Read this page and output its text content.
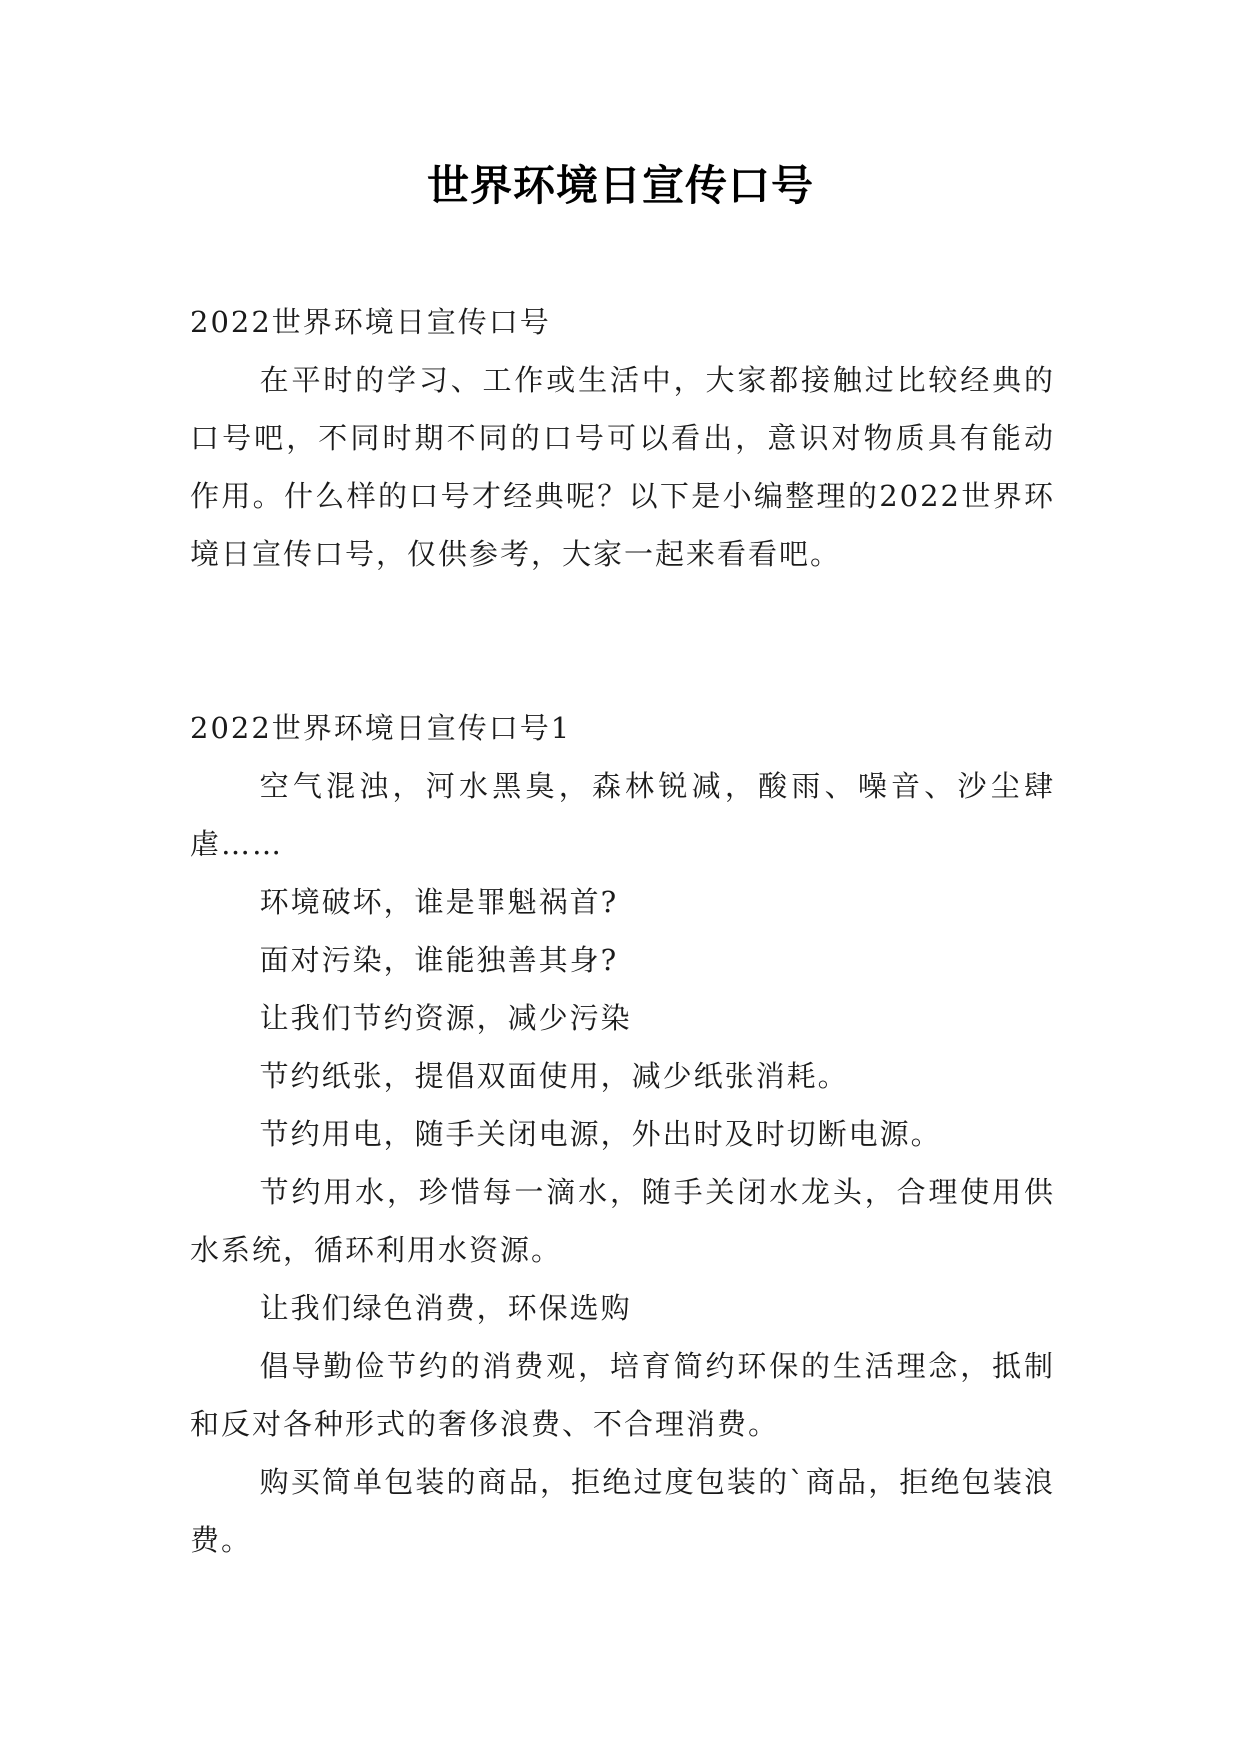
世界环境日宣传口号

2022世界环境日宣传口号

在平时的学习、工作或生活中，大家都接触过比较经典的口号吧，不同时期不同的口号可以看出，意识对物质具有能动作用。什么样的口号才经典呢？以下是小编整理的2022世界环境日宣传口号，仅供参考，大家一起来看看吧。

2022世界环境日宣传口号1

空气混浊，河水黑臭，森林锐减，酸雨、噪音、沙尘肆虐……

环境破坏，谁是罪魁祸首?

面对污染，谁能独善其身?

让我们节约资源，减少污染

节约纸张，提倡双面使用，减少纸张消耗。

节约用电，随手关闭电源，外出时及时切断电源。

节约用水，珍惜每一滴水，随手关闭水龙头，合理使用供水系统，循环利用水资源。

让我们绿色消费，环保选购

倡导勤俭节约的消费观，培育简约环保的生活理念，抵制和反对各种形式的奢侈浪费、不合理消费。

购买简单包装的商品，拒绝过度包装的`商品，拒绝包装浪费。
